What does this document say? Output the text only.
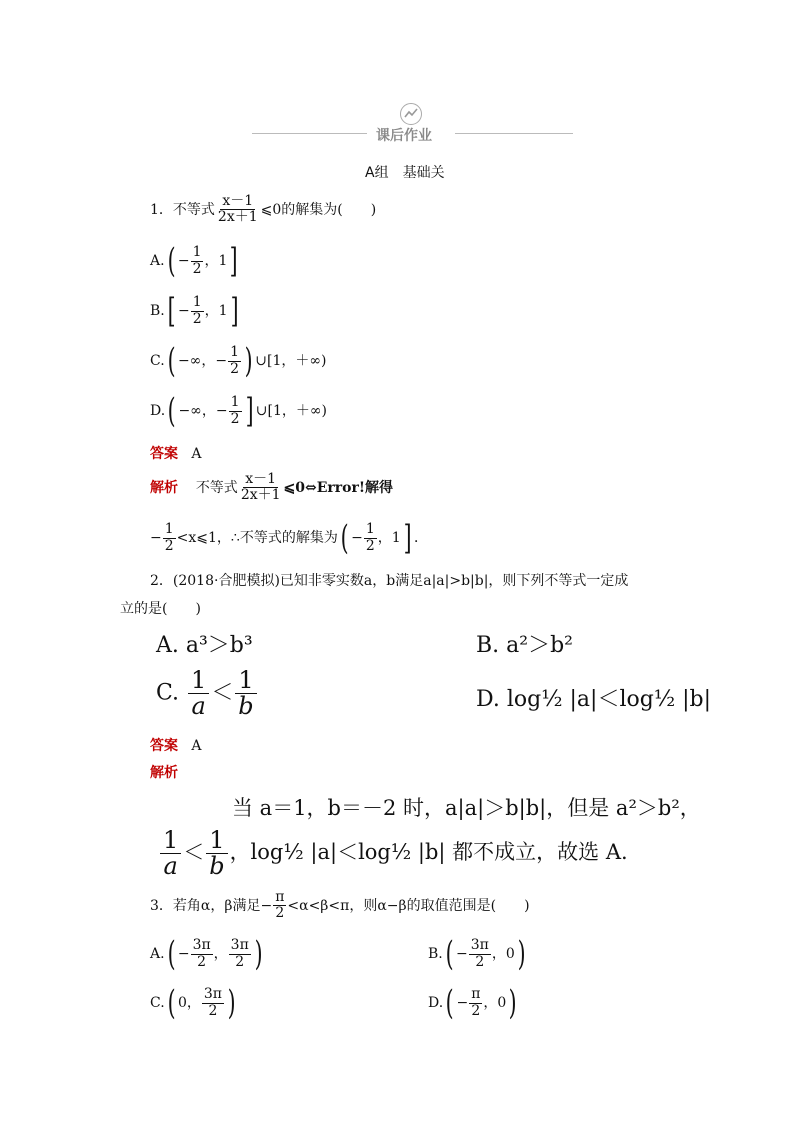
课后作业
A组　基础关
1．不等式 $\frac{x-1}{2x+1}$ ⩽0的解集为(　　)
$A.( - \frac{1}{2}$ ，1]
$B.[ - \frac{1}{2}$ ，1]
C.( −∞，− $\frac{1}{2}$ ) ∪[1，＋∞)
D.( −∞，− $\frac{1}{2}$ ] ∪[1，＋∞)
答案 A
解析 不等式 $\frac{x-1}{2x+1}$ ⩽0⇔Error!解得
− $\frac{1}{2}$ <x⩽1，∴不等式的解集为( − $\frac{1}{2}$ ，1] ．
2．(2018·合肥模拟)已知非零实数a，b满足a|a|>b|b|，则下列不等式一定成
立的是(　　)
A. a³＞b³	B. a²＞b²
C. $\frac{1}{a} < \frac{1}{b}$	D. log½ |a|＜log½ |b|
答案 A
解析
当 a＝1，b＝－2 时，a|a|＞b|b|，但是 a²＞b²，
$\frac{1}{a} < \frac{1}{b}$ ，log½ |a|＜log½ |b| 都不成立，故选 A.
3．若角α，β满足− $\frac{\pi}{2} <\alpha<\beta<\pi$，则α−β的取值范围是(　　)
$A.( - \frac{3\pi}{2}$ ， $\frac{3\pi}{2}$ )	$B.( - \frac{3\pi}{2}$ ，0)
C.( 0， $\frac{3\pi}{2}$ )	$D.( - \frac{\pi}{2}$ ，0)
